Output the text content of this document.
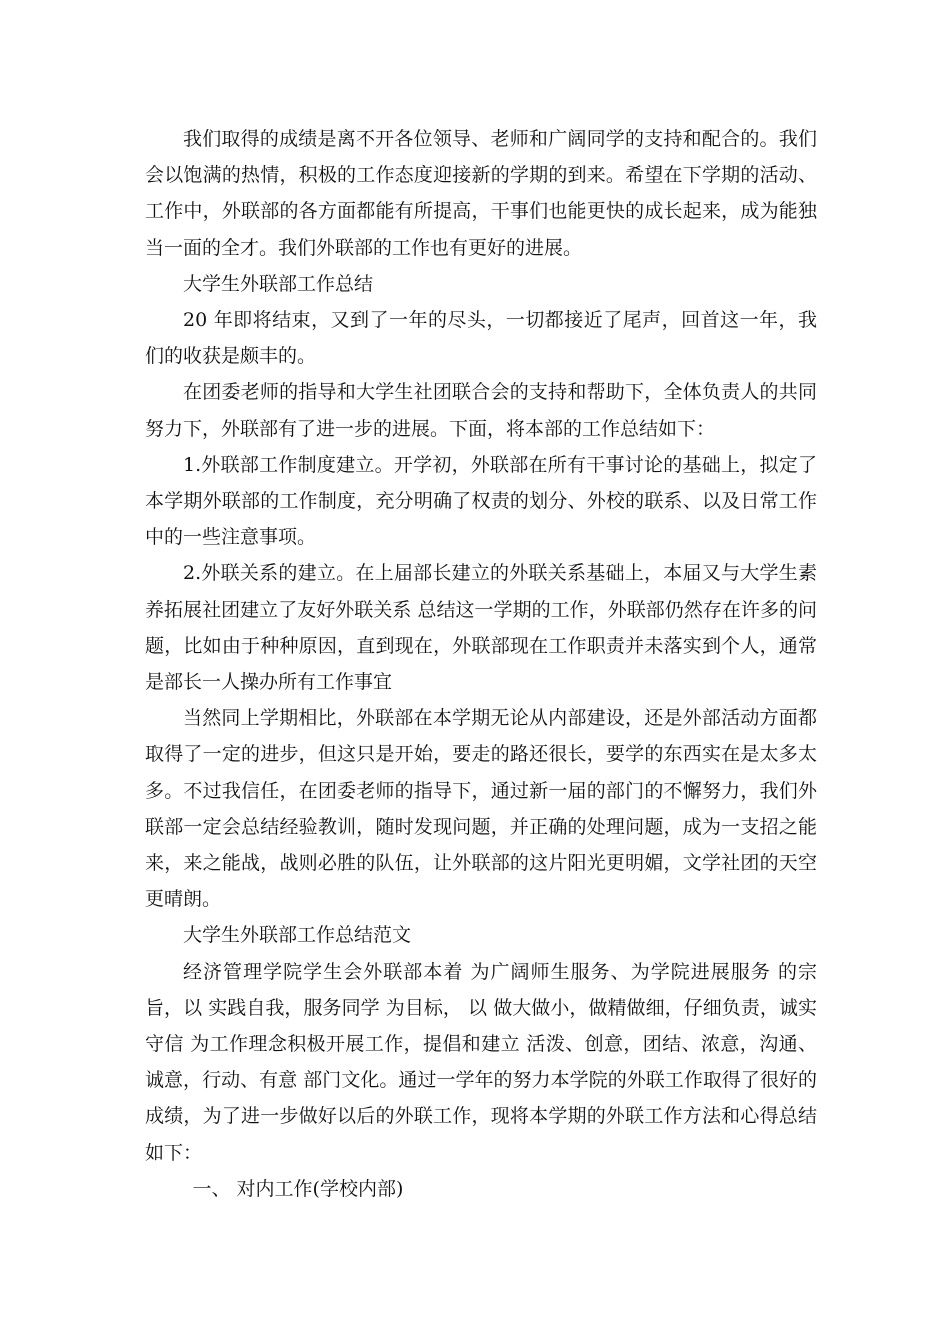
我们取得的成绩是离不开各位领导、老师和广阔同学的支持和配合的。我们会以饱满的热情，积极的工作态度迎接新的学期的到来。希望在下学期的活动、工作中，外联部的各方面都能有所提高，干事们也能更快的成长起来，成为能独当一面的全才。我们外联部的工作也有更好的进展。

大学生外联部工作总结

20 年即将结束，又到了一年的尽头，一切都接近了尾声，回首这一年，我们的收获是颇丰的。

在团委老师的指导和大学生社团联合会的支持和帮助下，全体负责人的共同努力下，外联部有了进一步的进展。下面，将本部的工作总结如下：

1.外联部工作制度建立。开学初，外联部在所有干事讨论的基础上，拟定了本学期外联部的工作制度，充分明确了权责的划分、外校的联系、以及日常工作中的一些注意事项。

2.外联关系的建立。在上届部长建立的外联关系基础上，本届又与大学生素养拓展社团建立了友好外联关系 总结这一学期的工作，外联部仍然存在许多的问题，比如由于种种原因，直到现在，外联部现在工作职责并未落实到个人，通常是部长一人操办所有工作事宜

当然同上学期相比，外联部在本学期无论从内部建设，还是外部活动方面都取得了一定的进步，但这只是开始，要走的路还很长，要学的东西实在是太多太多。不过我信任，在团委老师的指导下，通过新一届的部门的不懈努力，我们外联部一定会总结经验教训，随时发现问题，并正确的处理问题，成为一支招之能来，来之能战，战则必胜的队伍，让外联部的这片阳光更明媚，文学社团的天空更晴朗。

大学生外联部工作总结范文

经济管理学院学生会外联部本着 为广阔师生服务、为学院进展服务 的宗旨，以 实践自我，服务同学 为目标， 以 做大做小，做精做细，仔细负责，诚实守信 为工作理念积极开展工作，提倡和建立 活泼、创意，团结、浓意，沟通、诚意，行动、有意 部门文化。通过一学年的努力本学院的外联工作取得了很好的成绩，为了进一步做好以后的外联工作，现将本学期的外联工作方法和心得总结如下：

一、 对内工作(学校内部)
